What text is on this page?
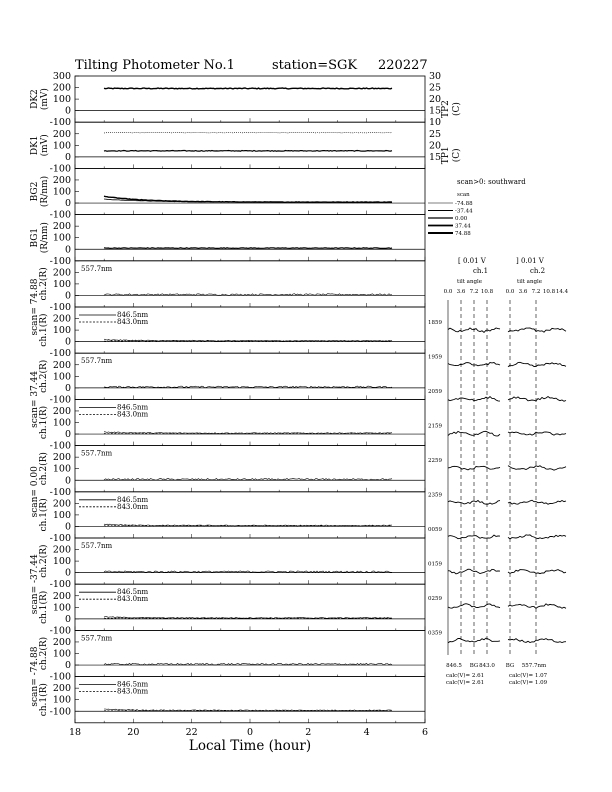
Tilting Photometer No.1	station=SGK 220227
300
200
100
0
DK2 (mV)
30
25
20
15 TP2 (C)
-100
200
100
0
DK1 (mV)
10
25
20
15 TP1 (C)
-100
200
100
0
BG2 (R/nm)
-100
200
100
0
BG1 (R/nm)
-100
200
100
0
ch.2(R)
scan= 74.88
557.7nm
-100
200
100
0
ch.1(R)	846.5nm
843.0nm
-100
200
100
0
ch.2(R)
scan= 37.44
557.7nm
-100
200
100
0
ch.1(R)	846.5nm
843.0nm
-100
200
100
0
ch.2(R)
scan= 0.00
557.7nm
-100
200
100
0
ch.1(R)	846.5nm
843.0nm
-100
200
100
0
ch.2(R)
scan= -37.44
557.7nm
-100
200
100
0
ch.1(R)	846.5nm
843.0nm
-100
200
100
0
ch.2(R)
scan= -74.88
557.7nm
-100
200
100
-100
ch.1(R)	846.5nm
843.0nm
18	20	22	0	2	4	6
Local Time (hour)
scan>0: southward
scan
-74.88
-37.44
0.00
37.44
74.88
[ 0.01 V	] 0.01 V
ch.1	ch.2
tilt angle	tilt angle
0.0 3.6 7.2 10.8 0.0 3.6 7.2 10.8 14.4
1859
1959
2059
2159
2259
2359
0059
0159
0259
0359
846.5 BG 843.0 BG 557.7nm
calc(V)= 2.61
calc(V)= 2.61
calc(V)= 1.07
calc(V)= 1.09
